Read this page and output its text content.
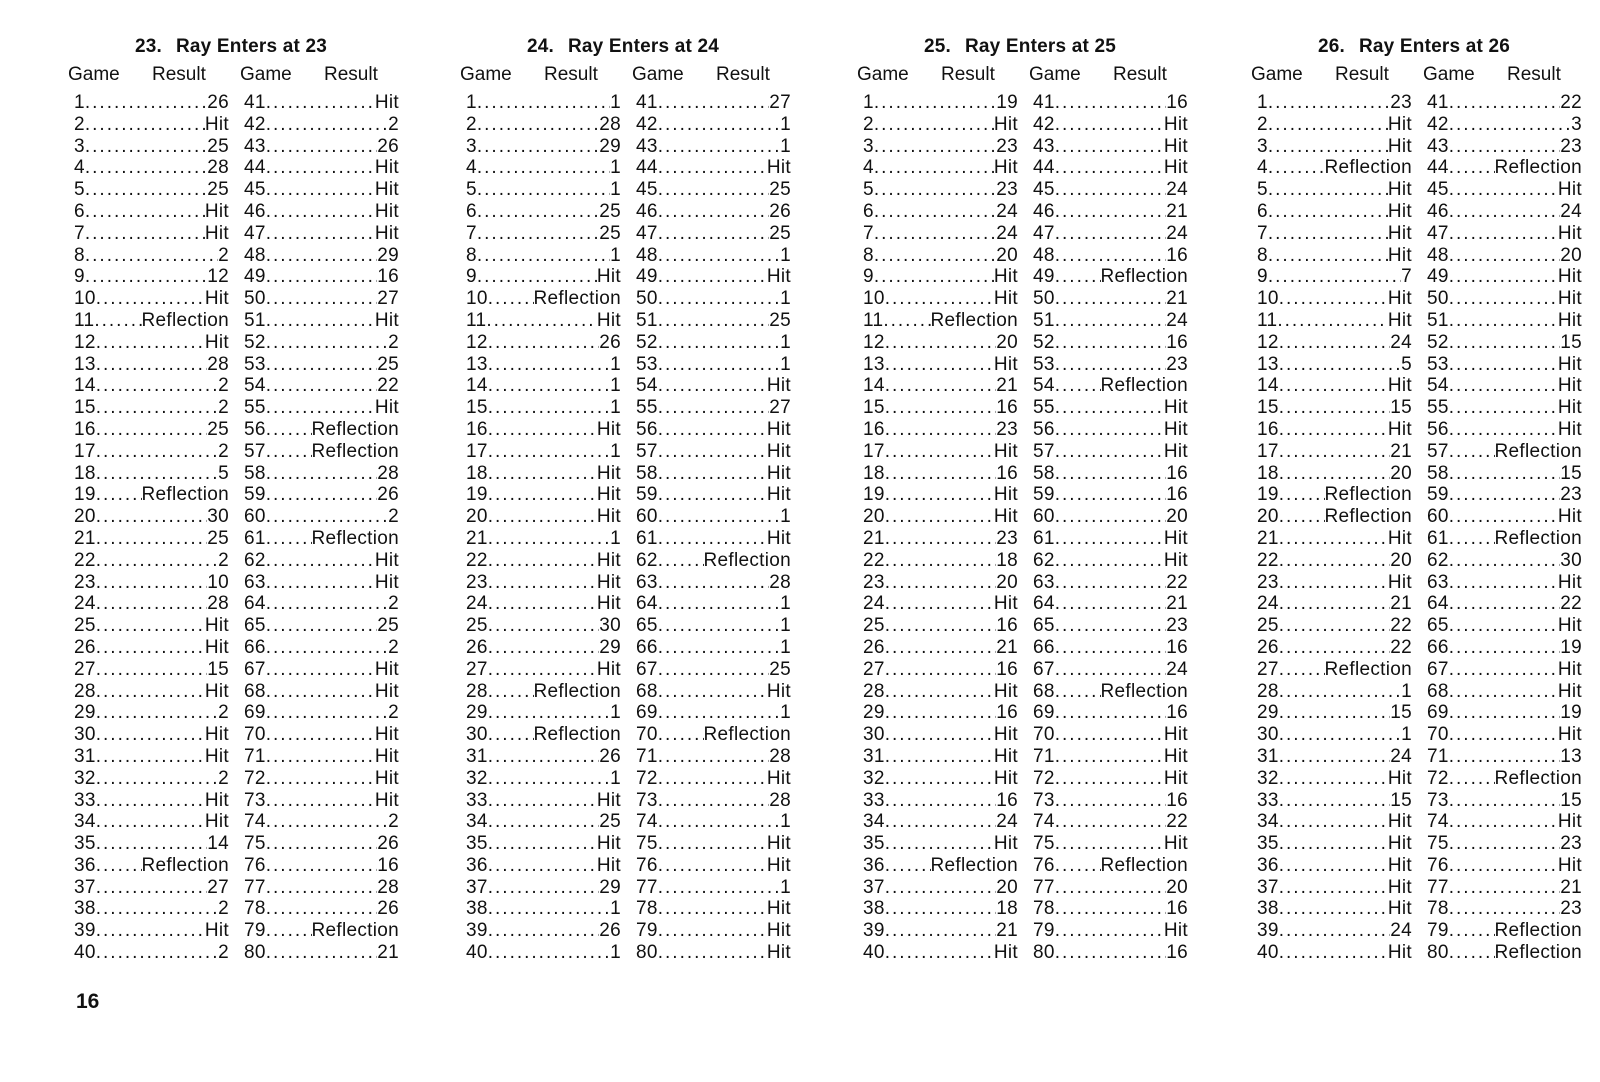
23. Ray Enters at 23
Game Result Game Result
1 .....	26
2 .....	Hit
3 .....	25
4 .....	28
5 .....	25
6 .....	Hit
7 .....	Hit
8 .....	2
9 .....	12
10 .....	Hit
11 ..... Reflection
12 .....	Hit
13 .....	28
14 .....	2
15 .....	2
16 .....	25
17 .....	2
18 .....	5
19 ..... Reflection
20 .....	30
21 .....	25
22 .....	2
23 .....	10
24 .....	28
25 .....	Hit
26 .....	Hit
27 .....	15
28 .....	Hit
29 .....	2
30 .....	Hit
31 .....	Hit
32 .....	2
33 .....	Hit
34 .....	Hit
35 .....	14
36 ..... Reflection
37 .....	27
38 .....	2
39 .....	Hit
40 .....	2
41 .....	Hit
42 .....	2
43 .....	26
44 .....	Hit
45 .....	Hit
46 .....	Hit
47 .....	Hit
48 .....	29
49 .....	16
50 .....	27
51 .....	Hit
52 .....	2
53 .....	25
54 .....	22
55 .....	Hit
56 ..... Reflection
57 ..... Reflection
58 .....	28
59 .....	26
60 .....	2
61 ..... Reflection
62 .....	Hit
63 .....	Hit
64 .....	2
65 .....	25
66 .....	2
67 .....	Hit
68 .....	Hit
69 .....	2
70 .....	Hit
71 .....	Hit
72 .....	Hit
73 .....	Hit
74 .....	2
75 .....	26
76 .....	16
77 .....	28
78 .....	26
79 ..... Reflection
80 .....	21
24. Ray Enters at 24
Game Result Game Result
1 .....	1
2 .....	28
3 .....	29
4 .....	1
5 .....	1
6 .....	25
7 .....	25
8 .....	1
9 .....	Hit
10 ..... Reflection
11 .....	Hit
12 .....	26
13 .....	1
14 .....	1
15 .....	1
16 .....	Hit
17 .....	1
18 .....	Hit
19 .....	Hit
20 .....	Hit
21 .....	1
22 .....	Hit
23 .....	Hit
24 .....	Hit
25 .....	30
26 .....	29
27 .....	Hit
28 ..... Reflection
29 .....	1
30 ..... Reflection
31 .....	26
32 .....	1
33 .....	Hit
34 .....	25
35 .....	Hit
36 .....	Hit
37 .....	29
38 .....	1
39 .....	26
40 .....	1
41 .....	27
42 .....	1
43 .....	1
44 .....	Hit
45 .....	25
46 .....	26
47 .....	25
48 .....	1
49 .....	Hit
50 .....	1
51 .....	25
52 .....	1
53 .....	1
54 .....	Hit
55 .....	27
56 .....	Hit
57 .....	Hit
58 .....	Hit
59 .....	Hit
60 .....	1
61 .....	Hit
62 ..... Reflection
63 .....	28
64 .....	1
65 .....	1
66 .....	1
67 .....	25
68 .....	Hit
69 .....	1
70 ..... Reflection
71 .....	28
72 .....	Hit
73 .....	28
74 .....	1
75 .....	Hit
76 .....	Hit
77 .....	1
78 .....	Hit
79 .....	Hit
80 .....	Hit
25. Ray Enters at 25
Game Result Game Result
1 .....	19
2 .....	Hit
3 .....	23
4 .....	Hit
5 .....	23
6 .....	24
7 .....	24
8 .....	20
9 .....	Hit
10 .....	Hit
11 ..... Reflection
12 .....	20
13 .....	Hit
14 .....	21
15 .....	16
16 .....	23
17 .....	Hit
18 .....	16
19 .....	Hit
20 .....	Hit
21 .....	23
22 .....	18
23 .....	20
24 .....	Hit
25 .....	16
26 .....	21
27 .....	16
28 .....	Hit
29 .....	16
30 .....	Hit
31 .....	Hit
32 .....	Hit
33 .....	16
34 .....	24
35 .....	Hit
36 ..... Reflection
37 .....	20
38 .....	18
39 .....	21
40 .....	Hit
41 .....	16
42 .....	Hit
43 .....	Hit
44 .....	Hit
45 .....	24
46 .....	21
47 .....	24
48 .....	16
49 ..... Reflection
50 .....	21
51 .....	24
52 .....	16
53 .....	23
54 ..... Reflection
55 .....	Hit
56 .....	Hit
57 .....	Hit
58 .....	16
59 .....	16
60 .....	20
61 .....	Hit
62 .....	Hit
63 .....	22
64 .....	21
65 .....	23
66 .....	16
67 .....	24
68 ..... Reflection
69 .....	16
70 .....	Hit
71 .....	Hit
72 .....	Hit
73 .....	16
74 .....	22
75 .....	Hit
76 ..... Reflection
77 .....	20
78 .....	16
79 .....	Hit
80 .....	16
26. Ray Enters at 26
Game Result Game Result
1 .....	23
2 .....	Hit
3 .....	Hit
4 .....	Reflection
5 .....	Hit
6 .....	Hit
7 .....	Hit
8 .....	Hit
9 .....	7
10 .....	Hit
11 .....	Hit
12 .....	24
13 .....	5
14 .....	Hit
15 .....	15
16 .....	Hit
17 .....	21
18 .....	20
19 ..... Reflection
20 ..... Reflection
21 .....	Hit
22 .....	20
23 .....	Hit
24 .....	21
25 .....	22
26 .....	22
27 ..... Reflection
28 .....	1
29 .....	15
30 .....	1
31 .....	24
32 .....	Hit
33 .....	15
34 .....	Hit
35 .....	Hit
36 .....	Hit
37 .....	Hit
38 .....	Hit
39 .....	24
40 .....	Hit
41 .....	22
42 .....	3
43 .....	23
44 ..... Reflection
45 .....	Hit
46 .....	24
47 .....	Hit
48 .....	20
49 .....	Hit
50 .....	Hit
51 .....	Hit
52 .....	15
53 .....	Hit
54 .....	Hit
55 .....	Hit
56 .....	Hit
57 ..... Reflection
58 .....	15
59 .....	23
60 .....	Hit
61 ..... Reflection
62 .....	30
63 .....	Hit
64 .....	22
65 .....	Hit
66 .....	19
67 .....	Hit
68 .....	Hit
69 .....	19
70 .....	Hit
71 .....	13
72 ..... Reflection
73 .....	15
74 .....	Hit
75 .....	23
76 .....	Hit
77 .....	21
78 .....	23
79 ..... Reflection
80 ..... Reflection
16
